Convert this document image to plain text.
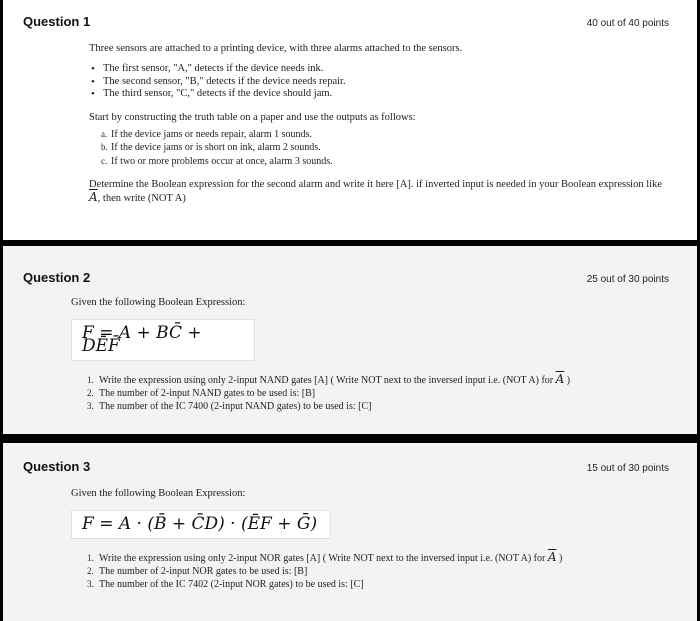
Question 1	40 out of 40 points

Three sensors are attached to a printing device, with three alarms attached to the sensors.

• The first sensor, "A," detects if the device needs ink.
• The second sensor, "B," detects if the device needs repair.
• The third sensor, "C," detects if the device should jam.

Start by constructing the truth table on a paper and use the outputs as follows:

a. If the device jams or needs repair, alarm 1 sounds.
b. If the device jams or is short on ink, alarm 2 sounds.
c. If two or more problems occur at once, alarm 3 sounds.

Determine the Boolean expression for the second alarm and write it here [A]. if inverted input is needed in your Boolean expression like $\overline{A}$, then write (NOT A)

Question 2	25 out of 30 points

Given the following Boolean Expression:

F = A + BC̄ + DĒF̄
1. Write the expression using only 2-input NAND gates [A] ( Write NOT next to the inversed input i.e. (NOT A) for $\overline{A}$ )
2. The number of 2-input NAND gates to be used is: [B]
3. The number of the IC 7400 (2-input NAND gates) to be used is: [C]
Question 3	15 out of 30 points

Given the following Boolean Expression:

F = A · (B̄ + C̄D) · (ĒF + Ḡ)
1. Write the expression using only 2-input NOR gates [A] ( Write NOT next to the inversed input i.e. (NOT A) for $\overline{A}$ )
2. The number of 2-input NOR gates to be used is: [B]
3. The number of the IC 7402 (2-input NOR gates) to be used is: [C]
